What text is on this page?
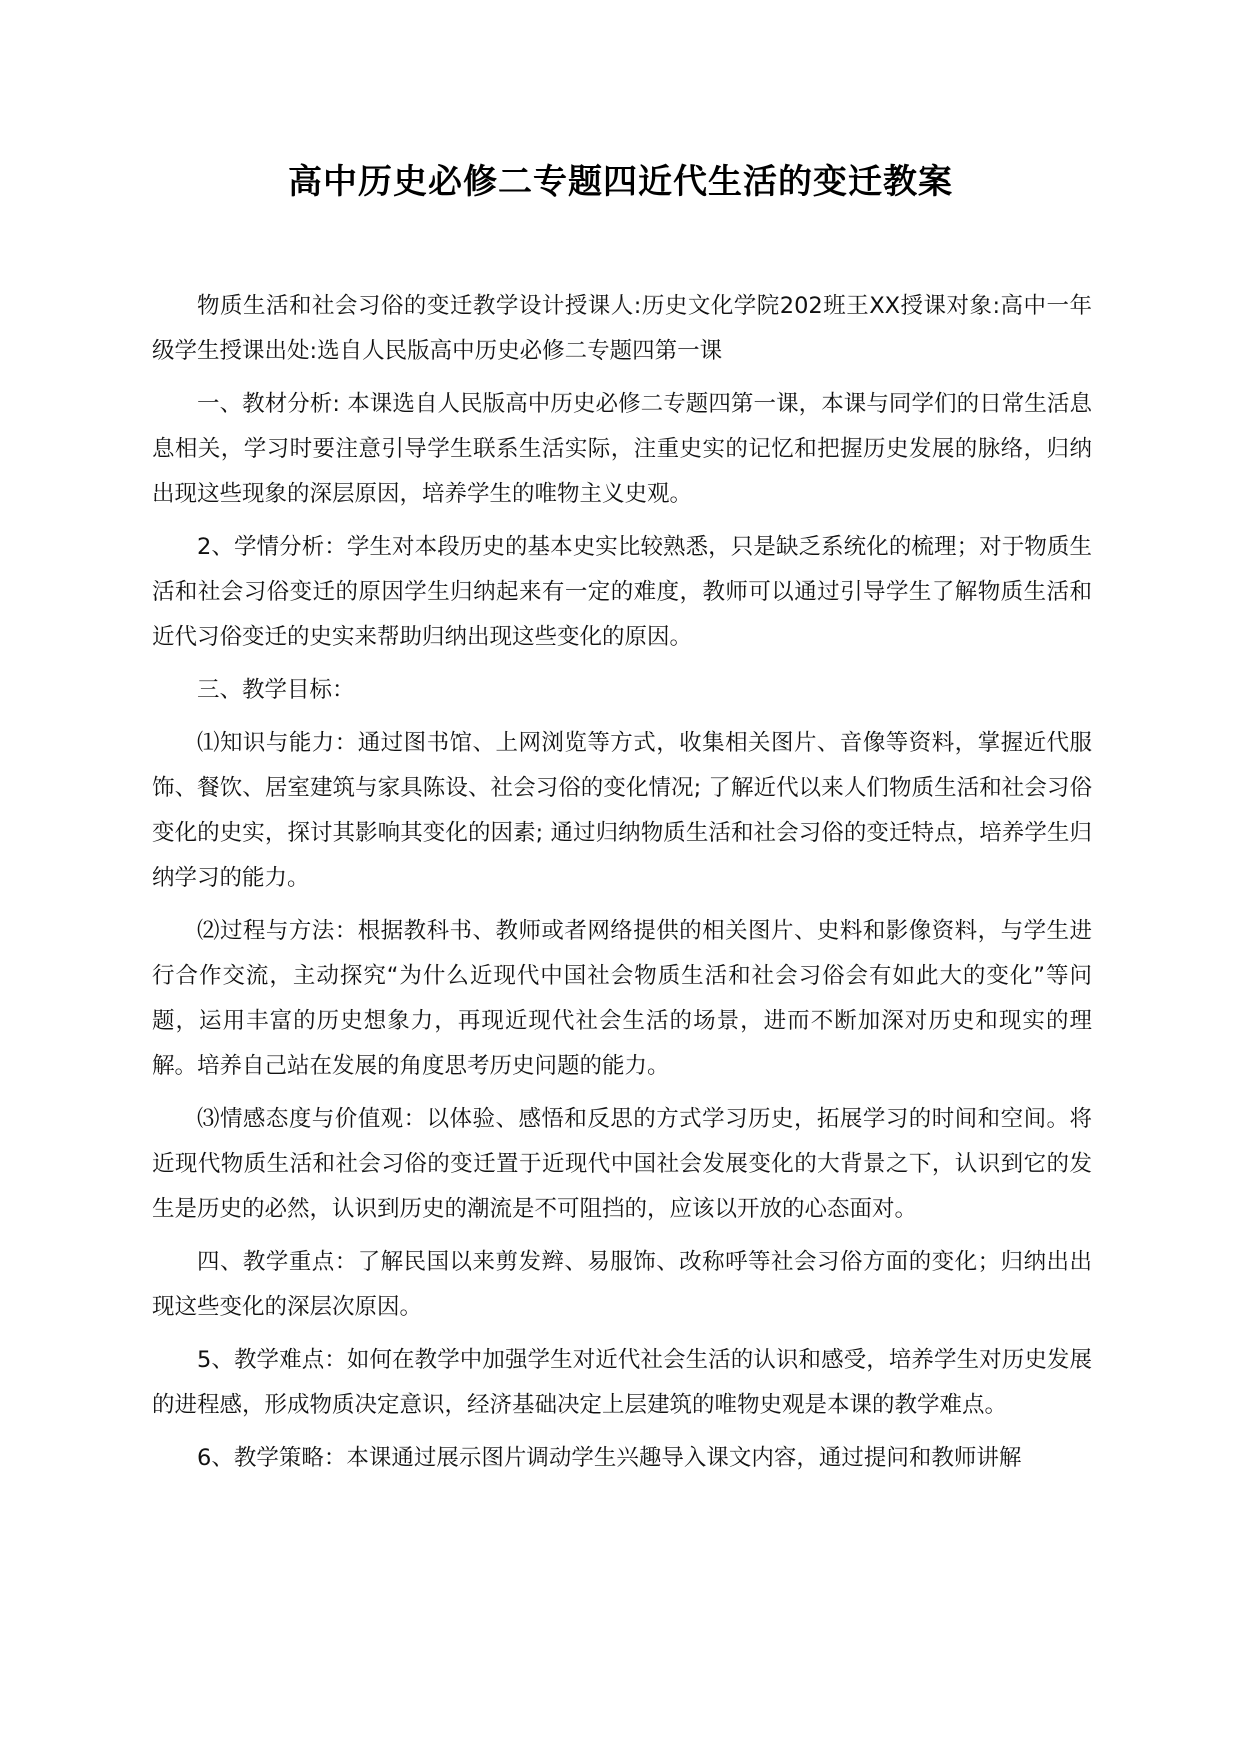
高中历史必修二专题四近代生活的变迁教案

物质生活和社会习俗的变迁教学设计授课人:历史文化学院202班王XX授课对象:高中一年级学生授课出处:选自人民版高中历史必修二专题四第一课

一、教材分析: 本课选自人民版高中历史必修二专题四第一课，本课与同学们的日常生活息息相关，学习时要注意引导学生联系生活实际，注重史实的记忆和把握历史发展的脉络，归纳出现这些现象的深层原因，培养学生的唯物主义史观。

2、学情分析：学生对本段历史的基本史实比较熟悉，只是缺乏系统化的梳理；对于物质生活和社会习俗变迁的原因学生归纳起来有一定的难度，教师可以通过引导学生了解物质生活和近代习俗变迁的史实来帮助归纳出现这些变化的原因。

三、教学目标：

⑴知识与能力：通过图书馆、上网浏览等方式，收集相关图片、音像等资料，掌握近代服饰、餐饮、居室建筑与家具陈设、社会习俗的变化情况; 了解近代以来人们物质生活和社会习俗变化的史实，探讨其影响其变化的因素; 通过归纳物质生活和社会习俗的变迁特点，培养学生归纳学习的能力。

⑵过程与方法：根据教科书、教师或者网络提供的相关图片、史料和影像资料，与学生进行合作交流，主动探究“为什么近现代中国社会物质生活和社会习俗会有如此大的变化”等问题，运用丰富的历史想象力，再现近现代社会生活的场景，进而不断加深对历史和现实的理解。培养自己站在发展的角度思考历史问题的能力。

⑶情感态度与价值观：以体验、感悟和反思的方式学习历史，拓展学习的时间和空间。将近现代物质生活和社会习俗的变迁置于近现代中国社会发展变化的大背景之下，认识到它的发生是历史的必然，认识到历史的潮流是不可阻挡的，应该以开放的心态面对。

四、教学重点：了解民国以来剪发辫、易服饰、改称呼等社会习俗方面的变化；归纳出出现这些变化的深层次原因。

5、教学难点：如何在教学中加强学生对近代社会生活的认识和感受，培养学生对历史发展的进程感，形成物质决定意识，经济基础决定上层建筑的唯物史观是本课的教学难点。

6、教学策略：本课通过展示图片调动学生兴趣导入课文内容，通过提问和教师讲解
